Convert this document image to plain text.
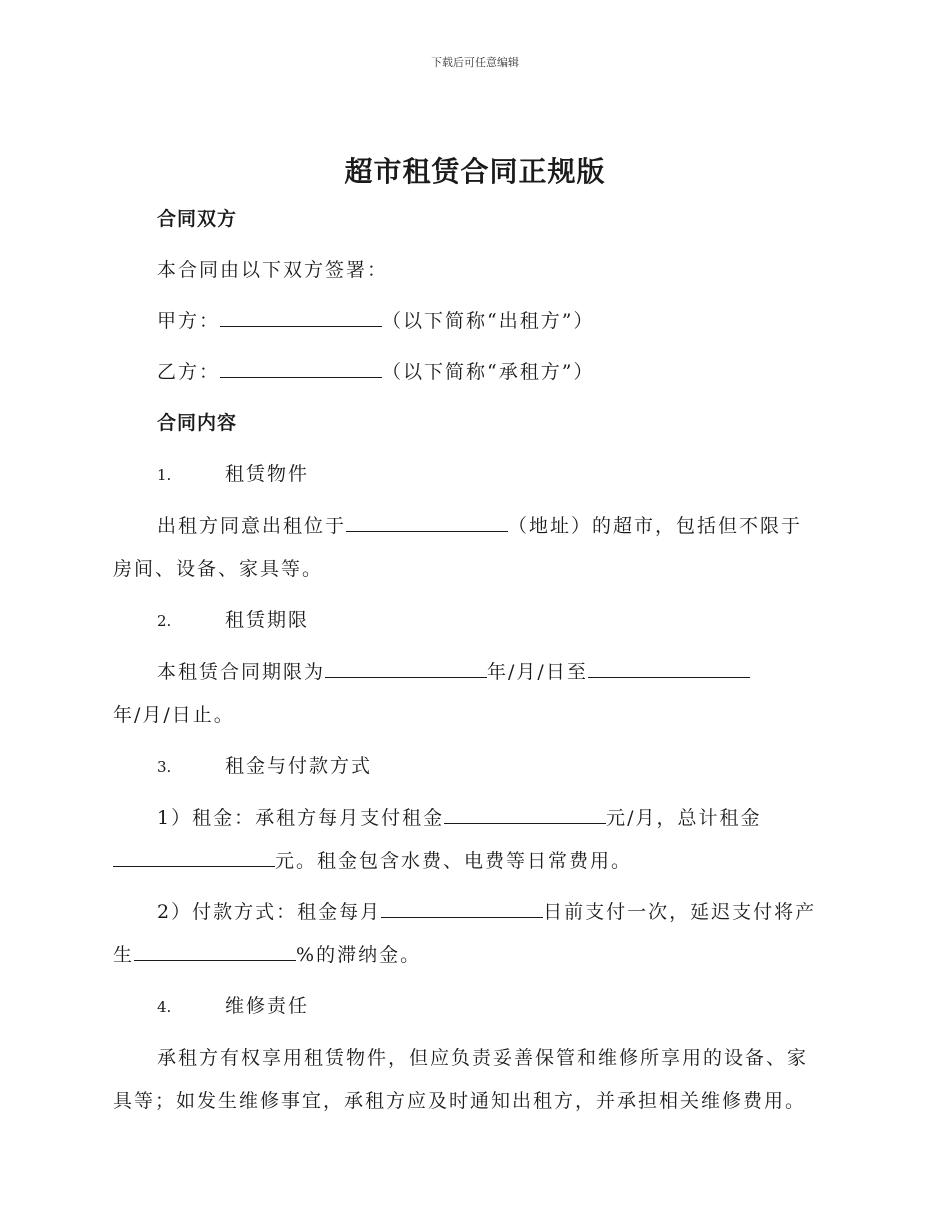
下载后可任意编辑
超市租赁合同正规版

合同双方

本合同由以下双方签署：

甲方：	（以下简称“出租方”）

乙方：	（以下简称“承租方”）

合同内容

1.	租赁物件

出租方同意出租位于	（地址）的超市，包括但不限于

房间、设备、家具等。

2.	租赁期限

本租赁合同期限为	年/月/日至

年/月/日止。

3.	租金与付款方式

1）租金：承租方每月支付租金	元/月，总计租金

元。租金包含水费、电费等日常费用。

2）付款方式：租金每月	日前支付一次，延迟支付将产

生	%的滞纳金。

4.	维修责任

承租方有权享用租赁物件，但应负责妥善保管和维修所享用的设备、家

具等；如发生维修事宜，承租方应及时通知出租方，并承担相关维修费用。
